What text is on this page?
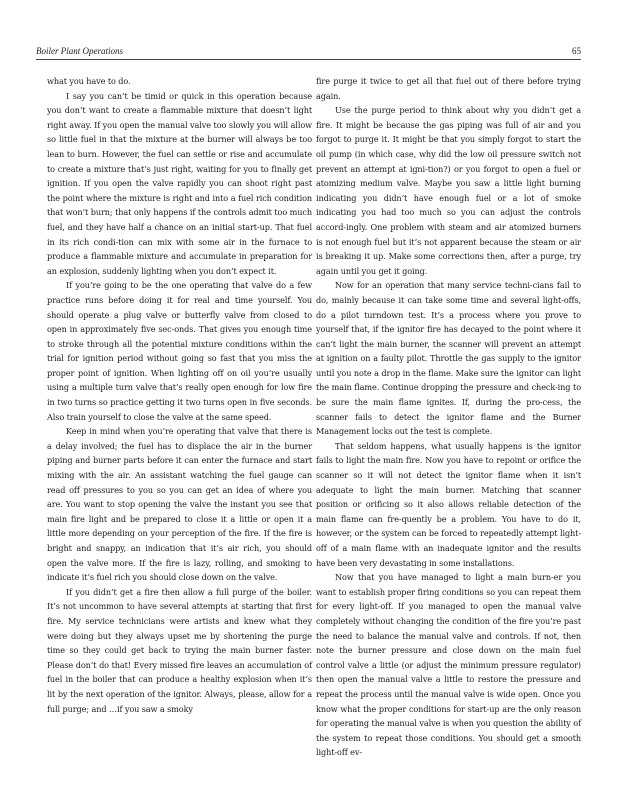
Boiler Plant Operations	65

what you have to do.

I say you can’t be timid or quick in this operation because you don’t want to create a flammable mixture that doesn’t light right away. If you open the manual valve too slowly you will allow so little fuel in that the mixture at the burner will always be too lean to burn. However, the fuel can settle or rise and accumulate to create a mixture that’s just right, waiting for you to finally get ignition. If you open the valve rapidly you can shoot right past the point where the mixture is right and into a fuel rich condition that won’t burn; that only happens if the controls admit too much fuel, and they have half a chance on an initial start-up. That fuel in its rich condi-tion can mix with some air in the furnace to produce a flammable mixture and accumulate in preparation for an explosion, suddenly lighting when you don’t expect it.

If you’re going to be the one operating that valve do a few practice runs before doing it for real and time yourself. You should operate a plug valve or butterfly valve from closed to open in approximately five sec-onds. That gives you enough time to stroke through all the potential mixture conditions within the trial for ignition period without going so fast that you miss the proper point of ignition. When lighting off on oil you’re usually using a multiple turn valve that’s really open enough for low fire in two turns so practice getting it two turns open in five seconds. Also train yourself to close the valve at the same speed.

Keep in mind when you’re operating that valve that there is a delay involved; the fuel has to displace the air in the burner piping and burner parts before it can enter the furnace and start mixing with the air. An assistant watching the fuel gauge can read off pressures to you so you can get an idea of where you are. You want to stop opening the valve the instant you see that main fire light and be prepared to close it a little or open it a little more depending on your perception of the fire. If the fire is bright and snappy, an indication that it’s air rich, you should open the valve more. If the fire is lazy, rolling, and smoking to indicate it’s fuel rich you should close down on the valve.

If you didn’t get a fire then allow a full purge of the boiler. It’s not uncommon to have several attempts at starting that first fire. My service technicians were artists and knew what they were doing but they always upset me by shortening the purge time so they could get back to trying the main burner faster. Please don’t do that! Every missed fire leaves an accumulation of fuel in the boiler that can produce a healthy explosion when it’s lit by the next operation of the ignitor. Always, please, allow for a full purge; and …if you saw a smoky

fire purge it twice to get all that fuel out of there before trying again.

Use the purge period to think about why you didn’t get a fire. It might be because the gas piping was full of air and you forgot to purge it. It might be that you simply forgot to start the oil pump (in which case, why did the low oil pressure switch not prevent an attempt at igni-tion?) or you forgot to open a fuel or atomizing medium valve. Maybe you saw a little light burning indicating you didn’t have enough fuel or a lot of smoke indicating you had too much so you can adjust the controls accord-ingly. One problem with steam and air atomized burners is not enough fuel but it’s not apparent because the steam or air is breaking it up. Make some corrections then, after a purge, try again until you get it going.

Now for an operation that many service techni-cians fail to do, mainly because it can take some time and several light-offs, do a pilot turndown test. It’s a process where you prove to yourself that, if the ignitor fire has decayed to the point where it can’t light the main burner, the scanner will prevent an attempt at ignition on a faulty pilot. Throttle the gas supply to the ignitor until you note a drop in the flame. Make sure the ignitor can light the main flame. Continue dropping the pressure and check-ing to be sure the main flame ignites. If, during the pro-cess, the scanner fails to detect the ignitor flame and the Burner Management locks out the test is complete.

That seldom happens, what usually happens is the ignitor fails to light the main fire. Now you have to repoint or orifice the scanner so it will not detect the ignitor flame when it isn’t adequate to light the main burner. Matching that scanner position or orificing so it also allows reliable detection of the main flame can fre-quently be a problem. You have to do it, however, or the system can be forced to repeatedly attempt light-off of a main flame with an inadequate ignitor and the results have been very devastating in some installations.

Now that you have managed to light a main burn-er you want to establish proper firing conditions so you can repeat them for every light-off. If you managed to open the manual valve completely without changing the condition of the fire you’re past the need to balance the manual valve and controls. If not, then note the burner pressure and close down on the main fuel control valve a little (or adjust the minimum pressure regulator) then open the manual valve a little to restore the pressure and repeat the process until the manual valve is wide open. Once you know what the proper conditions for start-up are the only reason for operating the manual valve is when you question the ability of the system to repeat those conditions. You should get a smooth light-off ev-
